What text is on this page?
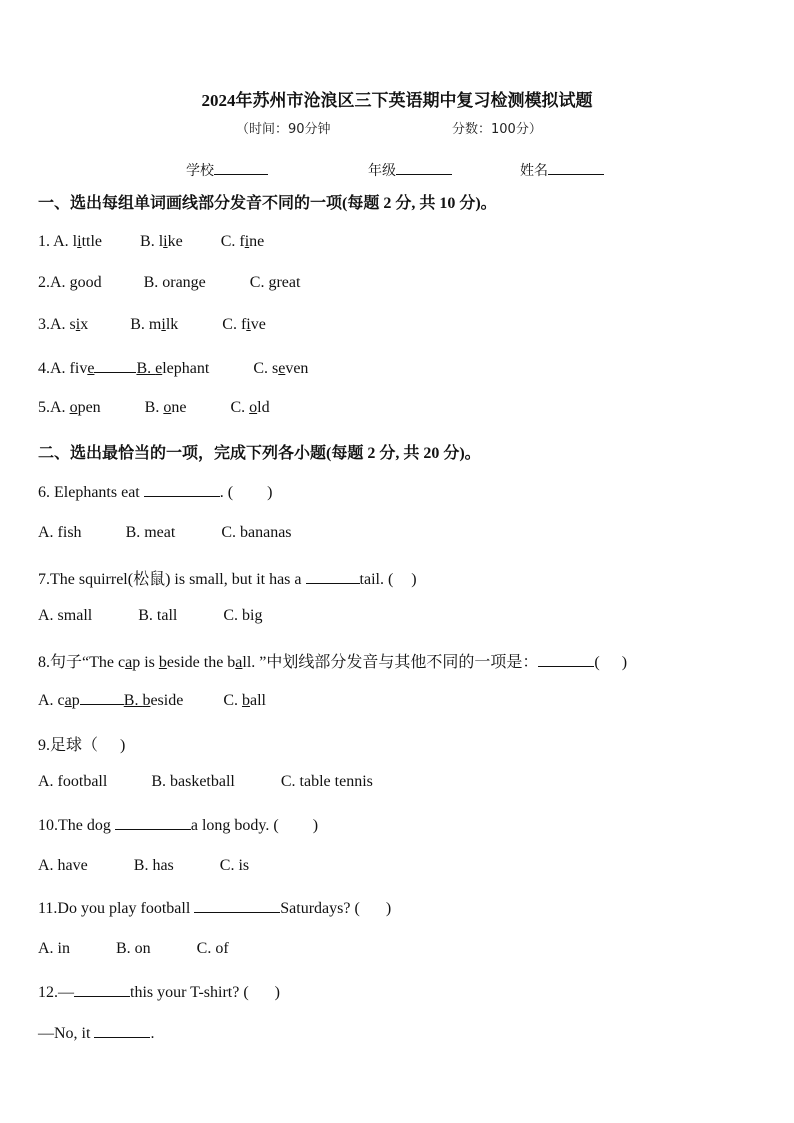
2024年苏州市沧浪区三下英语期中复习检测模拟试题
（时间：90分钟	分数：100分）
学校	年级	姓名
一、选出每组单词画线部分发音不同的一项(每题 2 分, 共 10 分)。
1. A. little B. like C. fine
2.A. good	B. orange	C. great
3.A. six	B. milk	C. five
4.A. five	B. elephant	C. seven
5.A. open	B. one	C. old
二、选出最恰当的一项，完成下列各小题(每题 2 分, 共 20 分)。
6. Elephants eat	. ( )
A. fish	B. meat	C. bananas
7.The squirrel(松鼠) is small, but it has a	tail. ( )
A. small	B. tall	C. big
8.句子“The cap is beside the ball. ”中划线部分发音与其他不同的一项是：	( )
A. cap	B. beside	C. ball
9.足球（ )
A. football	B. basketball	C. table tennis
10.The dog	a long body. ( )
A. have	B. has	C. is
11.Do you play football	Saturdays? ( )
A. in	B. on	C. of
12.—	this your T-shirt? ( )
—No, it	.
